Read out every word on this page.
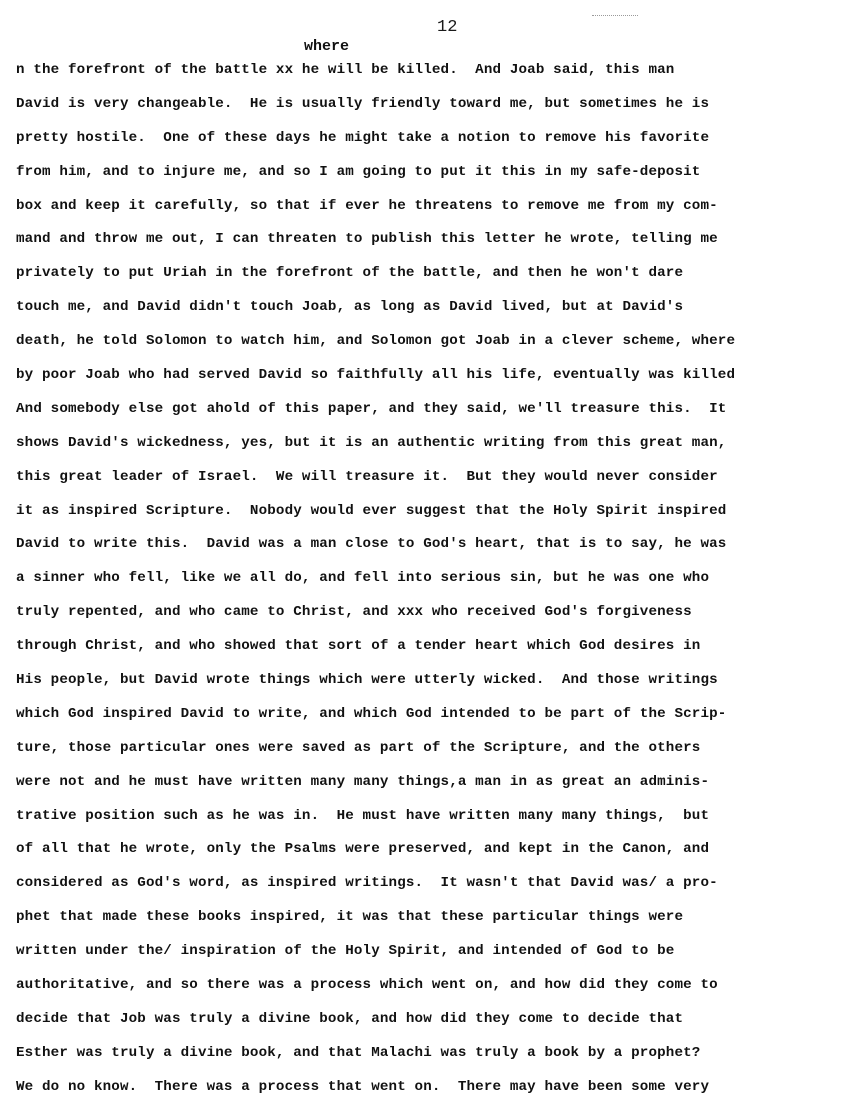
12
where
n the forefront of the battle xx he will be killed.  And Joab said, this man
David is very changeable.  He is usually friendly toward me, but sometimes he is
pretty hostile.  One of these days he might take a notion to remove his favorite
from him, and to injure me, and so I am going to put it this in my safe-deposit
box and keep it carefully, so that if ever he threatens to remove me from my com-
mand and throw me out, I can threaten to publish this letter he wrote, telling me
privately to put Uriah in the forefront of the battle, and then he won't dare
touch me, and David didn't touch Joab, as long as David lived, but at David's
death, he told Solomon to watch him, and Solomon got Joab in a clever scheme, where
by poor Joab who had served David so faithfully all his life, eventually was killed
And somebody else got ahold of this paper, and they said, we'll treasure this.  It
shows David's wickedness, yes, but it is an authentic writing from this great man,
this great leader of Israel.  We will treasure it.  But they would never consider
it as inspired Scripture.  Nobody would ever suggest that the Holy Spirit inspired
David to write this.  David was a man close to God's heart, that is to say, he was
a sinner who fell, like we all do, and fell into serious sin, but he was one who
truly repented, and who came to Christ, and xxx who received God's forgiveness
through Christ, and who showed that sort of a tender heart which God desires in
His people, but David wrote things which were utterly wicked.  And those writings
which God inspired David to write, and which God intended to be part of the Scrip-
ture, those particular ones were saved as part of the Scripture, and the others
were not and he must have written many many things,a man in as great an adminis-
trative position such as he was in.  He must have written many many things,  but
of all that he wrote, only the Psalms were preserved, and kept in the Canon, and
considered as God's word, as inspired writings.  It wasn't that David was/ a pro-
phet that made these books inspired, it was that these particular things were
written under the/ inspiration of the Holy Spirit, and intended of God to be
authoritative, and so there was a process which went on, and how did they come to
decide that Job was truly a divine book, and how did they come to decide that
Esther was truly a divine book, and that Malachi was truly a book by a prophet?
We do no know.  There was a process that went on.  There may have been some very
